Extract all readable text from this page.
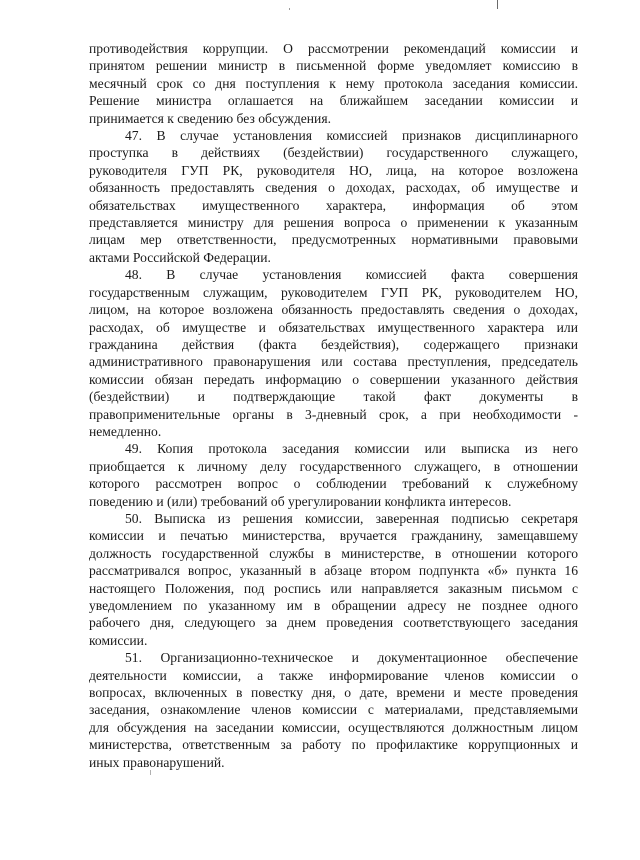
противодействия коррупции. О рассмотрении рекомендаций комиссии и
принятом решении министр в письменной форме уведомляет комиссию в
месячный срок со дня поступления к нему протокола заседания комиссии.
Решение министра оглашается на ближайшем заседании комиссии и
принимается к сведению без обсуждения.
47. В случае установления комиссией признаков дисциплинарного
проступка в действиях (бездействии) государственного служащего,
руководителя ГУП РК, руководителя НО, лица, на которое возложена
обязанность предоставлять сведения о доходах, расходах, об имуществе и
обязательствах имущественного характера, информация об этом
представляется министру для решения вопроса о применении к указанным
лицам мер ответственности, предусмотренных нормативными правовыми
актами Российской Федерации.
48. В случае установления комиссией факта совершения
государственным служащим, руководителем ГУП РК, руководителем НО,
лицом, на которое возложена обязанность предоставлять сведения о доходах,
расходах, об имуществе и обязательствах имущественного характера или
гражданина действия (факта бездействия), содержащего признаки
административного правонарушения или состава преступления, председатель
комиссии обязан передать информацию о совершении указанного действия
(бездействии) и подтверждающие такой факт документы в
правоприменительные органы в 3-дневный срок, а при необходимости -
немедленно.
49. Копия протокола заседания комиссии или выписка из него
приобщается к личному делу государственного служащего, в отношении
которого рассмотрен вопрос о соблюдении требований к служебному
поведению и (или) требований об урегулировании конфликта интересов.
50. Выписка из решения комиссии, заверенная подписью секретаря
комиссии и печатью министерства, вручается гражданину, замещавшему
должность государственной службы в министерстве, в отношении которого
рассматривался вопрос, указанный в абзаце втором подпункта «б» пункта 16
настоящего Положения, под роспись или направляется заказным письмом с
уведомлением по указанному им в обращении адресу не позднее одного
рабочего дня, следующего за днем проведения соответствующего заседания
комиссии.
51. Организационно-техническое и документационное обеспечение
деятельности комиссии, а также информирование членов комиссии о
вопросах, включенных в повестку дня, о дате, времени и месте проведения
заседания, ознакомление членов комиссии с материалами, представляемыми
для обсуждения на заседании комиссии, осуществляются должностным лицом
министерства, ответственным за работу по профилактике коррупционных и
иных правонарушений.
